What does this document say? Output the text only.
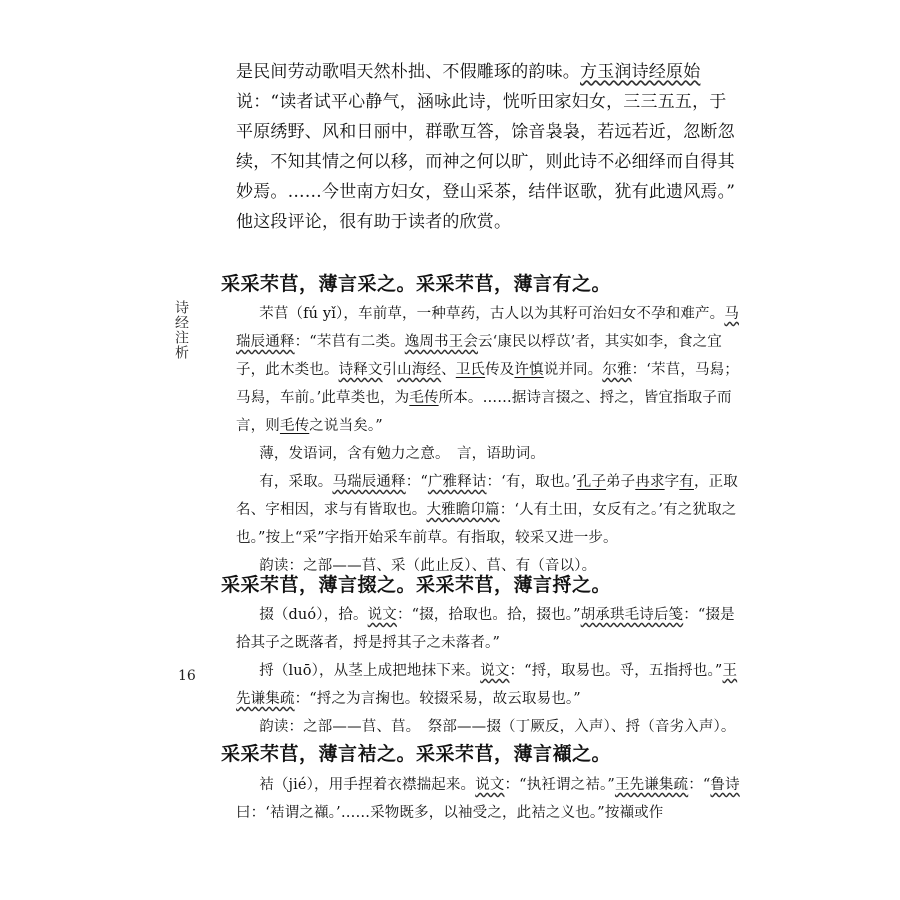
诗经注析
16

是民间劳动歌唱天然朴拙、不假雕琢的韵味。方玉润诗经原始说：“读者试平心静气，涵咏此诗，恍听田家妇女，三三五五，于平原绣野、风和日丽中，群歌互答，馀音袅袅，若远若近，忽断忽续，不知其情之何以移，而神之何以旷，则此诗不必细绎而自得其妙焉。……今世南方妇女，登山采茶，结伴讴歌，犹有此遗风焉。”

他这段评论，很有助于读者的欣赏。

采采芣苢，薄言采之。采采芣苢，薄言有之。

芣苢（fú yǐ），车前草，一种草药，古人以为其籽可治妇女不孕和难产。马瑞辰通释：“芣苢有二类。逸周书王会云‘康民以桴苡’者，其实如李，食之宜子，此木类也。诗释文引山海经、卫氏传及许慎说并同。尔雅：‘芣苢，马舄；马舄，车前。’此草类也，为毛传所本。……据诗言掇之、捋之，皆宜指取子而言，则毛传之说当矣。”

薄，发语词，含有勉力之意。　言，语助词。

有，采取。马瑞辰通释：“广雅释诂：‘有，取也。’孔子弟子冉求字有，正取名、字相因，求与有皆取也。大雅瞻卬篇：‘人有土田，女反有之。’有之犹取之也。”按上“采”字指开始采车前草。有指取，较采又进一步。

韵读：之部——苢、采（此止反）、苢、有（音以）。

采采芣苢，薄言掇之。采采芣苢，薄言捋之。

掇（duó），拾。说文：“掇，拾取也。拾，掇也。”胡承珙毛诗后笺：“掇是拾其子之既落者，捋是捋其子之未落者。”

捋（luō），从茎上成把地抹下来。说文：“捋，取易也。寽，五指捋也。”王先谦集疏：“捋之为言掬也。较掇采易，故云取易也。”

韵读：之部——苢、苢。　祭部——掇（丁厥反，入声）、捋（音劣入声）。

采采芣苢，薄言袺之。采采芣苢，薄言襭之。

袺（jié），用手捏着衣襟揣起来。说文：“执衽谓之袺。”王先谦集疏：“鲁诗曰：‘袺谓之襭。’……采物既多，以袖受之，此袺之义也。”按襭或作
